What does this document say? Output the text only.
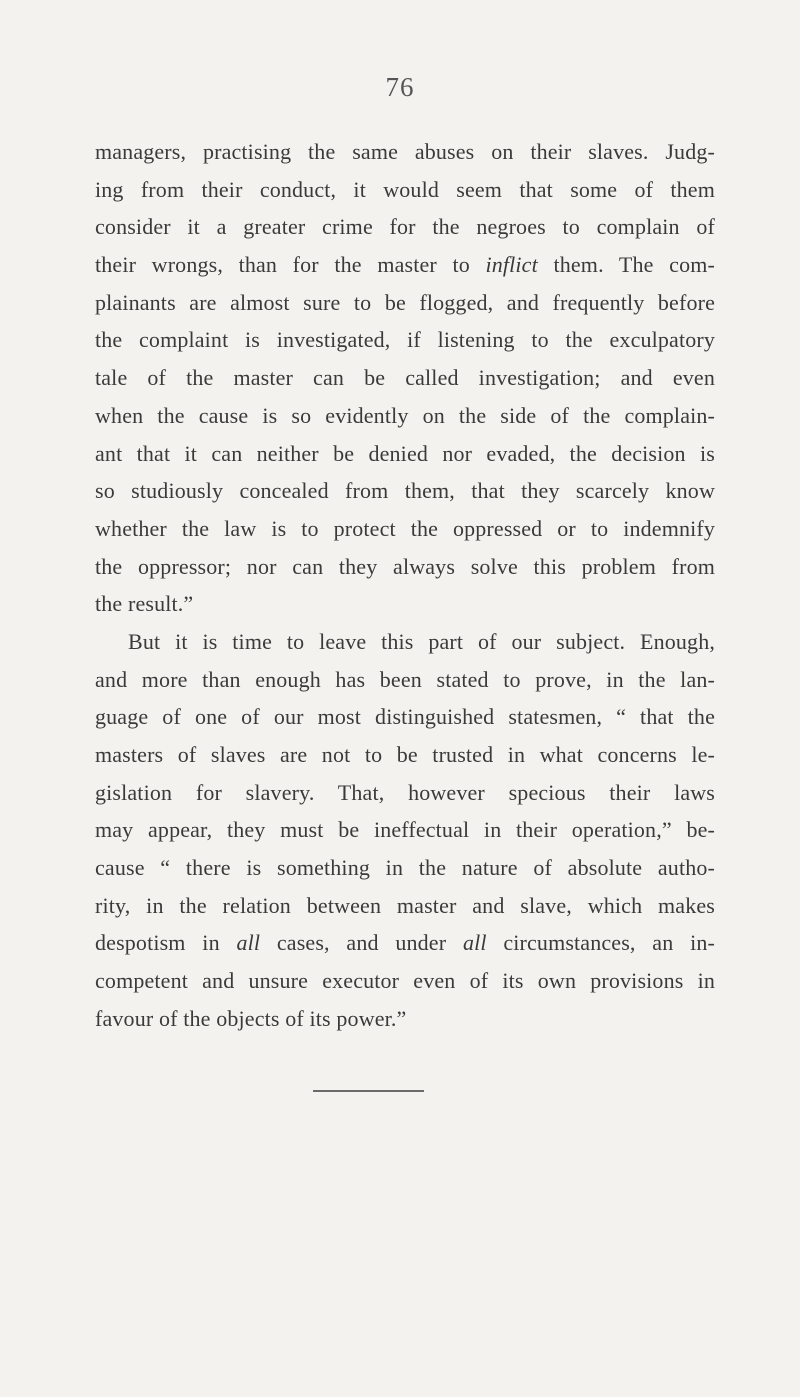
76
managers, practising the same abuses on their slaves. Judg-
ing from their conduct, it would seem that some of them
consider it a greater crime for the negroes to complain of
their wrongs, than for the master to inflict them. The com-
plainants are almost sure to be flogged, and frequently before
the complaint is investigated, if listening to the exculpatory
tale of the master can be called investigation; and even
when the cause is so evidently on the side of the complain-
ant that it can neither be denied nor evaded, the decision is
so studiously concealed from them, that they scarcely know
whether the law is to protect the oppressed or to indemnify
the oppressor; nor can they always solve this problem from
the result.”
But it is time to leave this part of our subject. Enough,
and more than enough has been stated to prove, in the lan-
guage of one of our most distinguished statesmen, “ that the
masters of slaves are not to be trusted in what concerns le-
gislation for slavery. That, however specious their laws
may appear, they must be ineffectual in their operation,” be-
cause “ there is something in the nature of absolute autho-
rity, in the relation between master and slave, which makes
despotism in all cases, and under all circumstances, an in-
competent and unsure executor even of its own provisions in
favour of the objects of its power.”
